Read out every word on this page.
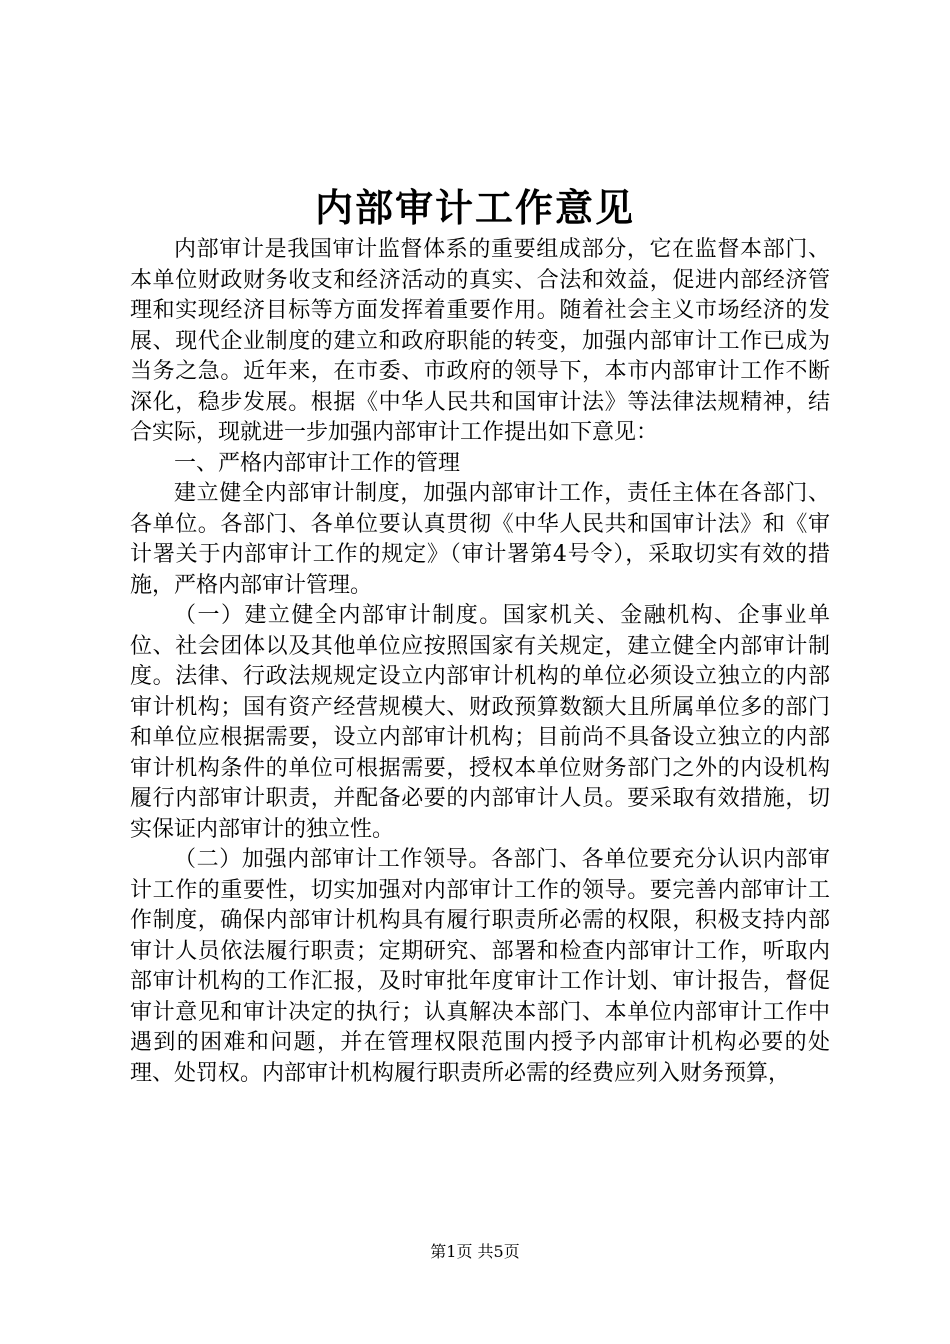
内部审计工作意见

内部审计是我国审计监督体系的重要组成部分，它在监督本部门、本单位财政财务收支和经济活动的真实、合法和效益，促进内部经济管理和实现经济目标等方面发挥着重要作用。随着社会主义市场经济的发展、现代企业制度的建立和政府职能的转变，加强内部审计工作已成为当务之急。近年来，在市委、市政府的领导下，本市内部审计工作不断深化，稳步发展。根据《中华人民共和国审计法》等法律法规精神，结合实际，现就进一步加强内部审计工作提出如下意见：

一、严格内部审计工作的管理

建立健全内部审计制度，加强内部审计工作，责任主体在各部门、各单位。各部门、各单位要认真贯彻《中华人民共和国审计法》和《审计署关于内部审计工作的规定》（审计署第4号令），采取切实有效的措施，严格内部审计管理。

（一）建立健全内部审计制度。国家机关、金融机构、企事业单位、社会团体以及其他单位应按照国家有关规定，建立健全内部审计制度。法律、行政法规规定设立内部审计机构的单位必须设立独立的内部审计机构；国有资产经营规模大、财政预算数额大且所属单位多的部门和单位应根据需要，设立内部审计机构；目前尚不具备设立独立的内部审计机构条件的单位可根据需要，授权本单位财务部门之外的内设机构履行内部审计职责，并配备必要的内部审计人员。要采取有效措施，切实保证内部审计的独立性。

（二）加强内部审计工作领导。各部门、各单位要充分认识内部审计工作的重要性，切实加强对内部审计工作的领导。要完善内部审计工作制度，确保内部审计机构具有履行职责所必需的权限，积极支持内部审计人员依法履行职责；定期研究、部署和检查内部审计工作，听取内部审计机构的工作汇报，及时审批年度审计工作计划、审计报告，督促审计意见和审计决定的执行；认真解决本部门、本单位内部审计工作中遇到的困难和问题，并在管理权限范围内授予内部审计机构必要的处理、处罚权。内部审计机构履行职责所必需的经费应列入财务预算，

第1页 共5页
